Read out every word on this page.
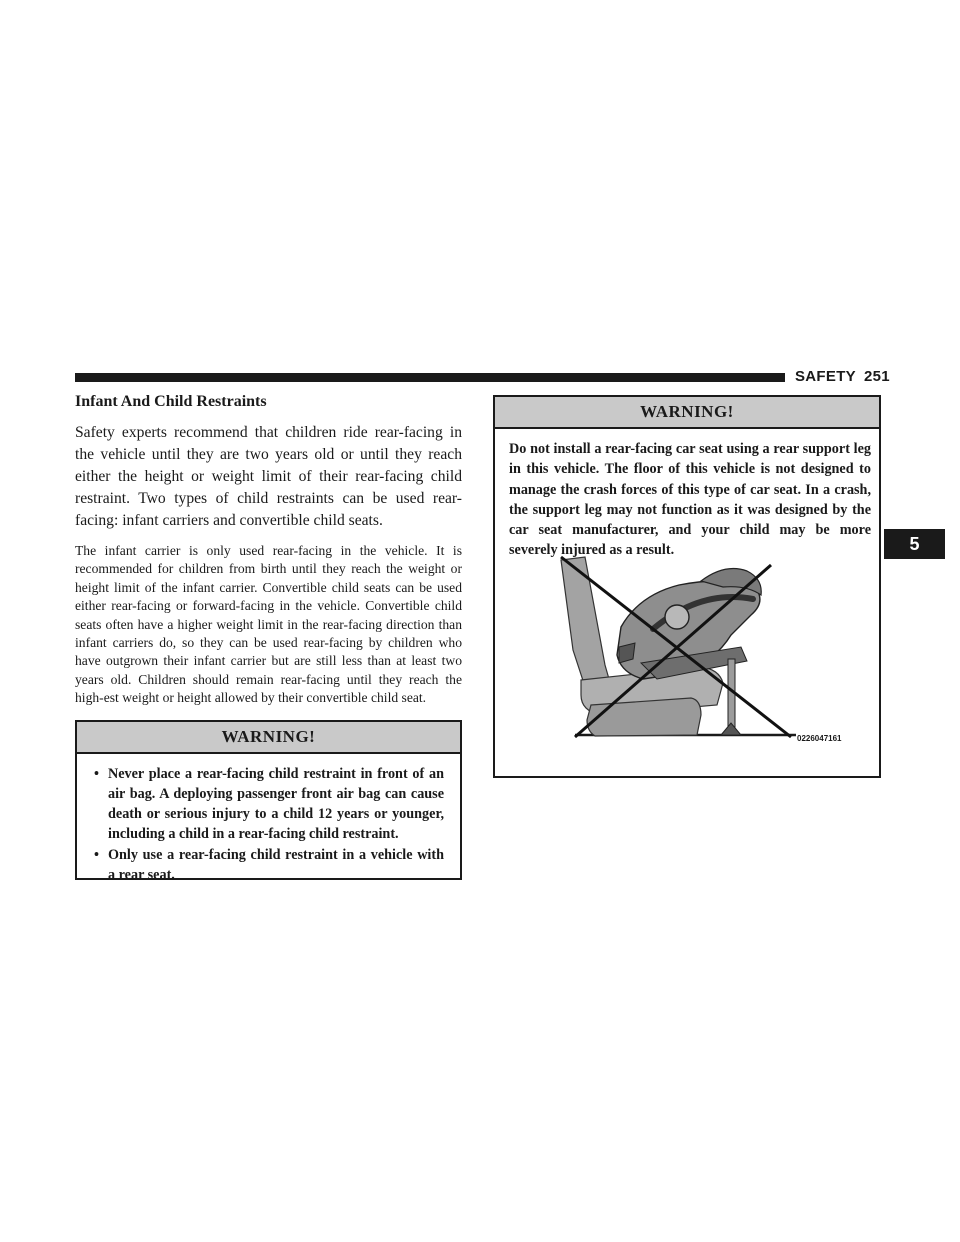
SAFETY 251
5
Infant And Child Restraints

Safety experts recommend that children ride rear-facing in the vehicle until they are two years old or until they reach either the height or weight limit of their rear-facing child restraint. Two types of child restraints can be used rear-facing: infant carriers and convertible child seats.

The infant carrier is only used rear-facing in the vehicle. It is recommended for children from birth until they reach the weight or height limit of the infant carrier. Convertible child seats can be used either rear-facing or forward-facing in the vehicle. Convertible child seats often have a higher weight limit in the rear-facing direction than infant carriers do, so they can be used rear-facing by children who have outgrown their infant carrier but are still less than at least two years old. Children should remain rear-facing until they reach the high-est weight or height allowed by their convertible child seat.

WARNING!
• Never place a rear-facing child restraint in front of an air bag. A deploying passenger front air bag can cause death or serious injury to a child 12 years or younger, including a child in a rear-facing child restraint.
• Only use a rear-facing child restraint in a vehicle with a rear seat.
WARNING!
Do not install a rear-facing car seat using a rear support leg in this vehicle. The floor of this vehicle is not designed to manage the crash forces of this type of car seat. In a crash, the support leg may not function as it was designed by the car seat manufacturer, and your child may be more severely injured as a result.
0226047161
